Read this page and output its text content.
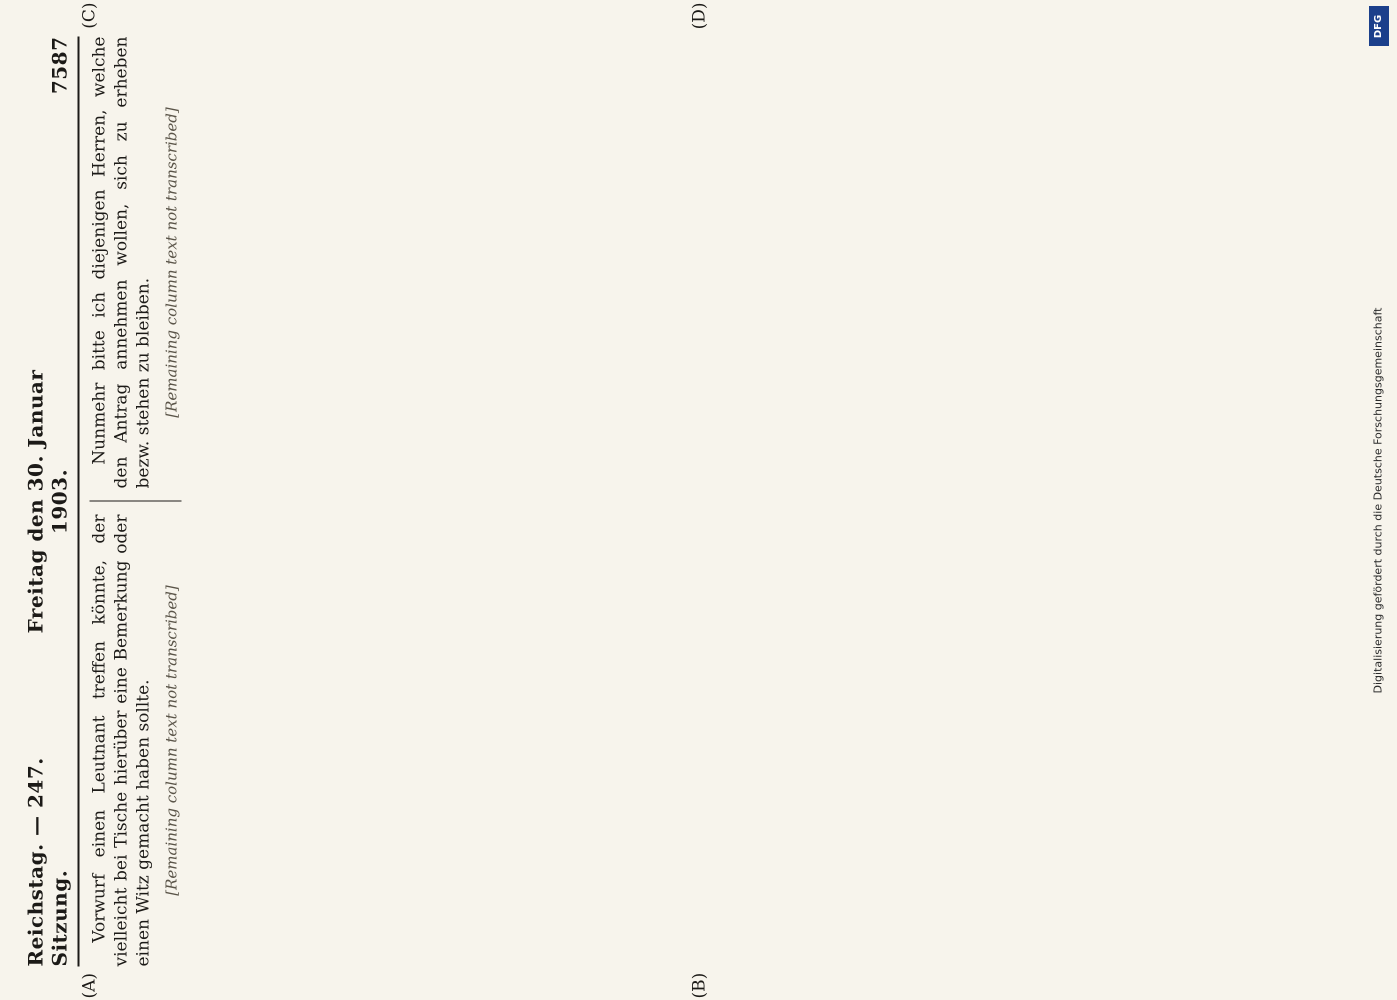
Reichstag. — 247. Sitzung.
Freitag den 30. Januar 1903.
7587

Vorwurf einen Leutnant treffen könnte, der vielleicht bei Tische hierüber eine Bemerkung oder einen Witz gemacht haben sollte. [Remaining column text not transcribed]

Nunmehr bitte ich diejenigen Herren, welche den Antrag annehmen wollen, sich zu erheben bezw. stehen zu bleiben. [Remaining column text not transcribed]
(A)	(B)
(C)	(D)	DFG
Digitalisierung gefördert durch die Deutsche Forschungsgemeinschaft
